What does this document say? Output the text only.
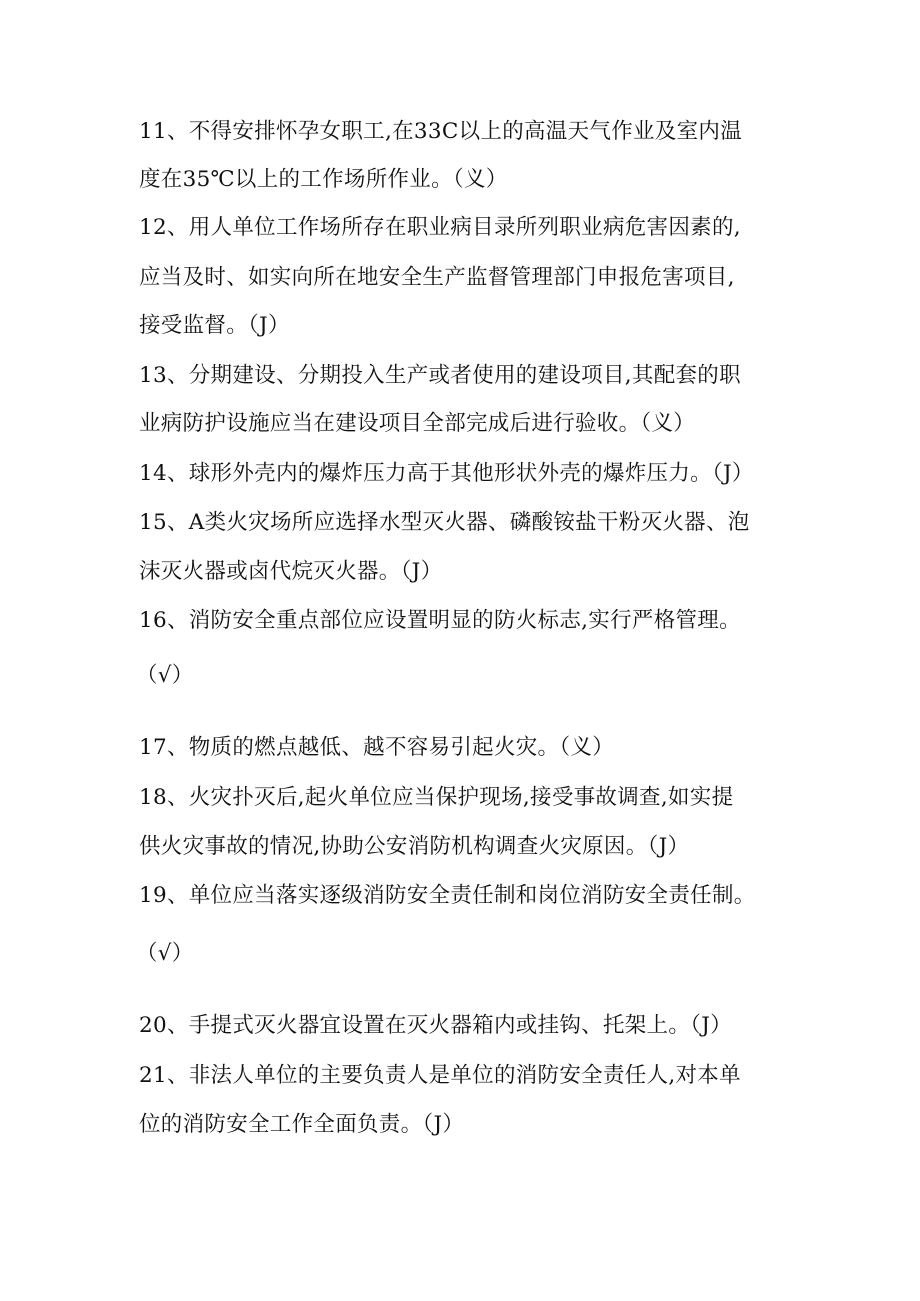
11、不得安排怀孕女职工,在33C以上的高温天气作业及室内温
度在35℃以上的工作场所作业。（义）
12、用人单位工作场所存在职业病目录所列职业病危害因素的,
应当及时、如实向所在地安全生产监督管理部门申报危害项目,
接受监督。（J）
13、分期建设、分期投入生产或者使用的建设项目,其配套的职
业病防护设施应当在建设项目全部完成后进行验收。（义）
14、球形外壳内的爆炸压力高于其他形状外壳的爆炸压力。（J）
15、A类火灾场所应选择水型灭火器、磷酸铵盐干粉灭火器、泡
沫灭火器或卤代烷灭火器。（J）
16、消防安全重点部位应设置明显的防火标志,实行严格管理。
（√）
17、物质的燃点越低、越不容易引起火灾。（义）
18、火灾扑灭后,起火单位应当保护现场,接受事故调查,如实提
供火灾事故的情况,协助公安消防机构调查火灾原因。（J）
19、单位应当落实逐级消防安全责任制和岗位消防安全责任制。
（√）
20、手提式灭火器宜设置在灭火器箱内或挂钩、托架上。（J）
21、非法人单位的主要负责人是单位的消防安全责任人,对本单
位的消防安全工作全面负责。（J）
